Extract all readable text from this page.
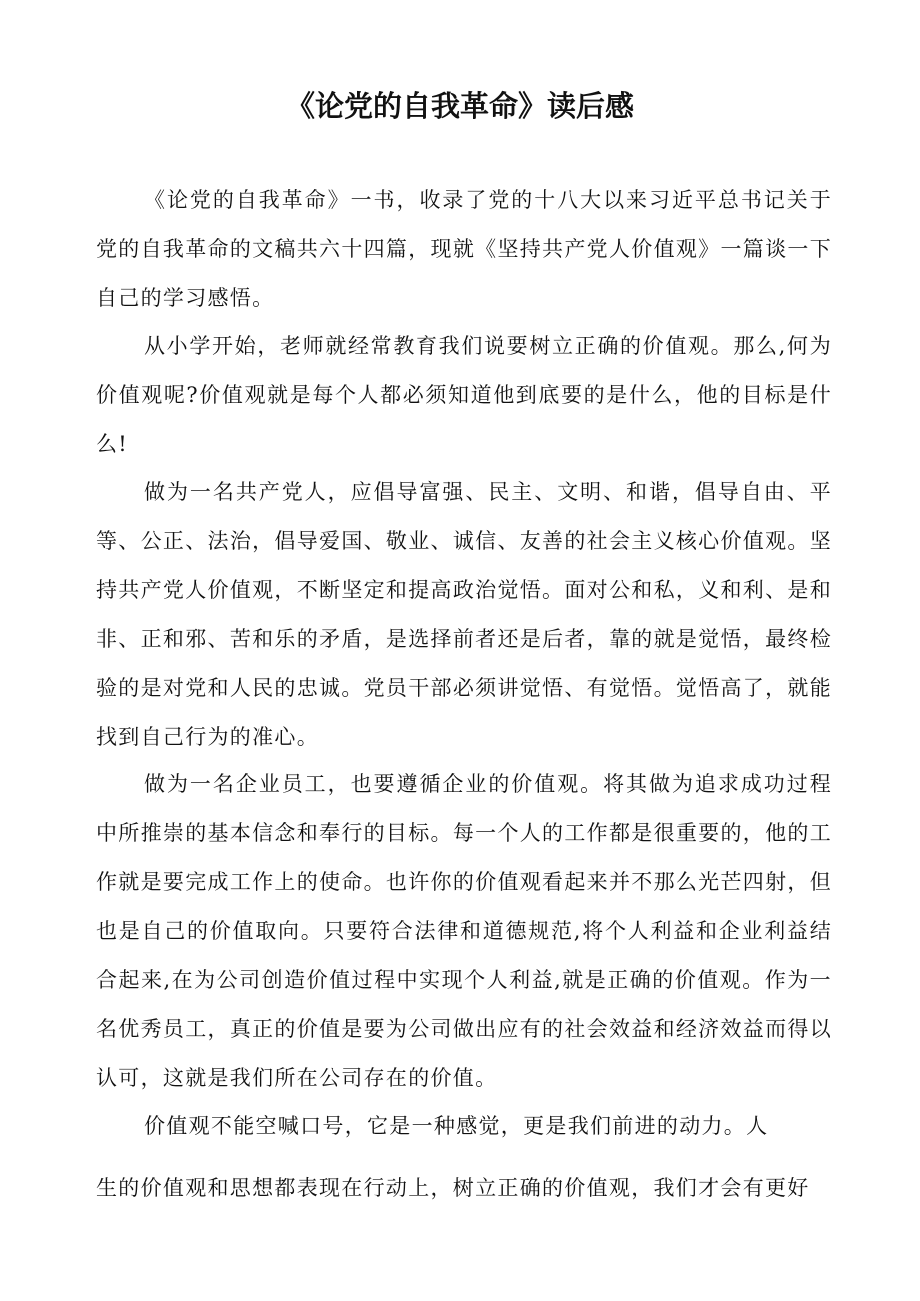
《论党的自我革命》读后感

《论党的自我革命》一书，收录了党的十八大以来习近平总书记关于党的自我革命的文稿共六十四篇，现就《坚持共产党人价值观》一篇谈一下自己的学习感悟。

从小学开始，老师就经常教育我们说要树立正确的价值观。那么,何为价值观呢?价值观就是每个人都必须知道他到底要的是什么，他的目标是什么!

做为一名共产党人，应倡导富强、民主、文明、和谐，倡导自由、平等、公正、法治，倡导爱国、敬业、诚信、友善的社会主义核心价值观。坚持共产党人价值观，不断坚定和提高政治觉悟。面对公和私，义和利、是和非、正和邪、苦和乐的矛盾，是选择前者还是后者，靠的就是觉悟，最终检验的是对党和人民的忠诚。党员干部必须讲觉悟、有觉悟。觉悟高了，就能找到自己行为的准心。

做为一名企业员工，也要遵循企业的价值观。将其做为追求成功过程中所推崇的基本信念和奉行的目标。每一个人的工作都是很重要的，他的工作就是要完成工作上的使命。也许你的价值观看起来并不那么光芒四射，但也是自己的价值取向。只要符合法律和道德规范,将个人利益和企业利益结合起来,在为公司创造价值过程中实现个人利益,就是正确的价值观。作为一名优秀员工，真正的价值是要为公司做出应有的社会效益和经济效益而得以认可，这就是我们所在公司存在的价值。

价值观不能空喊口号，它是一种感觉，更是我们前进的动力。人

生的价值观和思想都表现在行动上，树立正确的价值观，我们才会有更好
